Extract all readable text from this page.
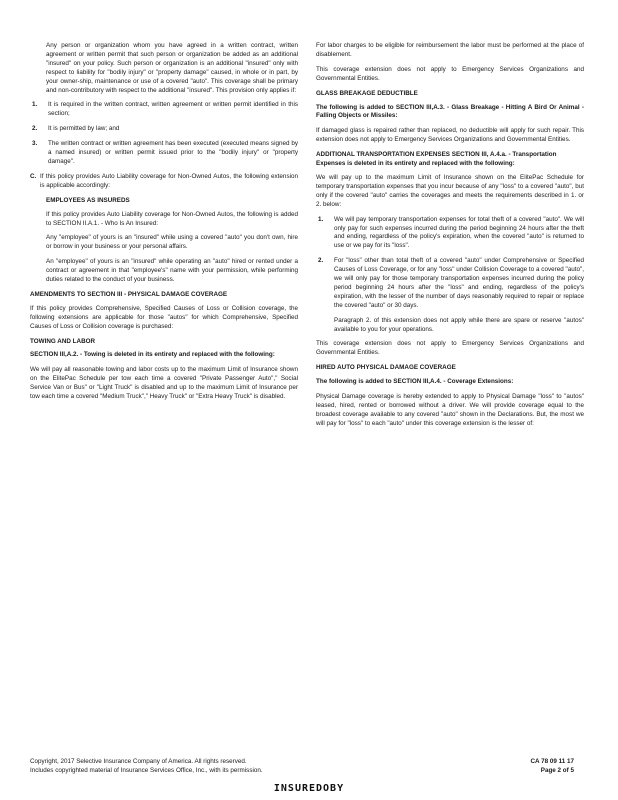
Any person or organization whom you have agreed in a written contract, written agreement or written permit that such person or organization be added as an additional "insured" on your policy. Such person or organization is an additional "insured" only with respect to liability for "bodily injury" or "property damage" caused, in whole or in part, by your owner-ship, maintenance or use of a covered "auto". This coverage shall be primary and non-contributory with respect to the additional "insured". This provision only applies if:

1. It is required in the written contract, written agreement or written permit identified in this section;
2. It is permitted by law; and
3. The written contract or written agreement has been executed (executed means signed by a named insured) or written permit issued prior to the "bodily injury" or "property damage".
C. If this policy provides Auto Liability coverage for Non-Owned Autos, the following extension is applicable accordingly:
EMPLOYEES AS INSUREDS

If this policy provides Auto Liability coverage for Non-Owned Autos, the following is added to SECTION II.A.1. - Who Is An Insured:

Any "employee" of yours is an "insured" while using a covered "auto" you don't own, hire or borrow in your business or your personal affairs.

An "employee" of yours is an "insured" while operating an "auto" hired or rented under a contract or agreement in that "employee's" name with your permission, while performing duties related to the conduct of your business.

AMENDMENTS TO SECTION III - PHYSICAL DAMAGE COVERAGE

If this policy provides Comprehensive, Specified Causes of Loss or Collision coverage, the following extensions are applicable for those "autos" for which Comprehensive, Specified Causes of Loss or Collision coverage is purchased:

TOWING AND LABOR

SECTION III,A.2. - Towing is deleted in its entirety and replaced with the following:

We will pay all reasonable towing and labor costs up to the maximum Limit of Insurance shown on the ElitePac Schedule per tow each time a covered "Private Passenger Auto"," Social Service Van or Bus" or "Light Truck" is disabled and up to the maximum Limit of Insurance per tow each time a covered "Medium Truck"," Heavy Truck" or "Extra Heavy Truck" is disabled.

For labor charges to be eligible for reimbursement the labor must be performed at the place of disablement.

This coverage extension does not apply to Emergency Services Organizations and Governmental Entities.

GLASS BREAKAGE DEDUCTIBLE

The following is added to SECTION III,A.3. - Glass Breakage - Hitting A Bird Or Animal - Falling Objects or Missiles:

If damaged glass is repaired rather than replaced, no deductible will apply for such repair. This extension does not apply to Emergency Services Organizations and Governmental Entities.

ADDITIONAL TRANSPORTATION EXPENSES SECTION III, A.4.a. - Transportation Expenses is deleted in its entirety and replaced with the following:

We will pay up to the maximum Limit of Insurance shown on the ElitePac Schedule for temporary transportation expenses that you incur because of any "loss" to a covered "auto", but only if the covered "auto" carries the coverages and meets the requirements described in 1. or 2. below:

1. We will pay temporary transportation expenses for total theft of a covered "auto". We will only pay for such expenses incurred during the period beginning 24 hours after the theft and ending, regardless of the policy's expiration, when the covered "auto" is returned to use or we pay for its "loss".
2. For "loss" other than total theft of a covered "auto" under Comprehensive or Specified Causes of Loss Coverage, or for any "loss" under Collision Coverage to a covered "auto", we will only pay for those temporary transportation expenses incurred during the policy period beginning 24 hours after the "loss" and ending, regardless of the policy's expiration, with the lesser of the number of days reasonably required to repair or replace the covered "auto" or 30 days.

Paragraph 2. of this extension does not apply while there are spare or reserve "autos" available to you for your operations.

This coverage extension does not apply to Emergency Services Organizations and Governmental Entities.

HIRED AUTO PHYSICAL DAMAGE COVERAGE

The following is added to SECTION III,A.4. - Coverage Extensions:

Physical Damage coverage is hereby extended to apply to Physical Damage "loss" to "autos" leased, hired, rented or borrowed without a driver. We will provide coverage equal to the broadest coverage available to any covered "auto" shown in the Declarations. But, the most we will pay for "loss" to each "auto" under this coverage extension is the lesser of:

Copyright, 2017 Selective Insurance Company of America. All rights reserved.
Includes copyrighted material of Insurance Services Office, Inc., with its permission.
CA 78 09 11 17
Page 2 of 5
INSUREDOBY
